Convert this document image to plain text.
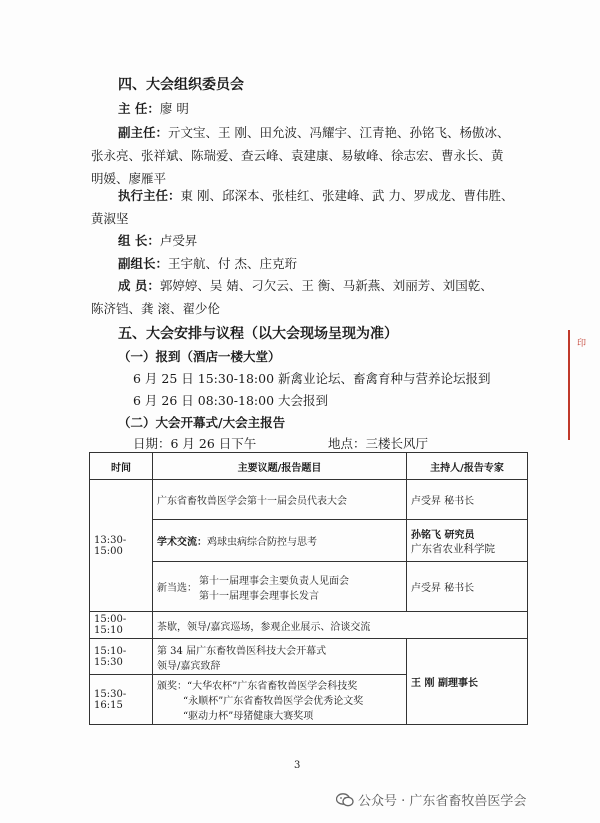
四、大会组织委员会
主 任：廖 明
副主任：亓文宝、王 刚、田允波、冯耀宇、江青艳、孙铭飞、杨傲冰、
张永亮、张祥斌、陈瑞爱、查云峰、袁建康、易敏峰、徐志宏、曹永长、黄
明媛、廖雁平
执行主任：東 刚、邱深本、张桂红、张建峰、武 力、罗成龙、曹伟胜、
黄淑坚
组 长：卢受昇
副组长：王宇航、付 杰、庄克珩
成 员：郭婷婷、吴 婧、刁欠云、王 衡、马新燕、刘丽芳、刘国乾、
陈济铛、龚 滚、翟少伦
五、大会安排与议程（以大会现场呈现为准）
（一）报到（酒店一楼大堂）
6 月 25 日 15:30-18:00 新禽业论坛、畜禽育种与营养论坛报到
6 月 26 日 08:30-18:00 大会报到
（二）大会开幕式/大会主报告
日期：6 月 26 日下午	地点：三楼长风厅
时间	主要议题/报告题目	主持人/报告专家
13:30-15:00	广东省畜牧兽医学会第十一届会员代表大会	卢受昇 秘书长
	学术交流：鸡球虫病综合防控与思考	孙铭飞 研究员
广东省农业科学院

	新当选：
第十一届理事会主要负责人见面会
第十一届理事会理事长发言	卢受昇 秘书长
15:00-15:10	茶歇，领导/嘉宾巡场，参观企业展示、洽谈交流	
15:10-15:30	第 34 届广东畜牧兽医科技大会开幕式
领导/嘉宾致辞	王 刚 副理事长
15:30-16:15	颁奖：“大华农杯”广东省畜牧兽医学会科技奖
“永顺杯”广东省畜牧兽医学会优秀论文奖
“驱动力杯”母猪健康大赛奖项	
3
印
公众号 · 广东省畜牧兽医学会
